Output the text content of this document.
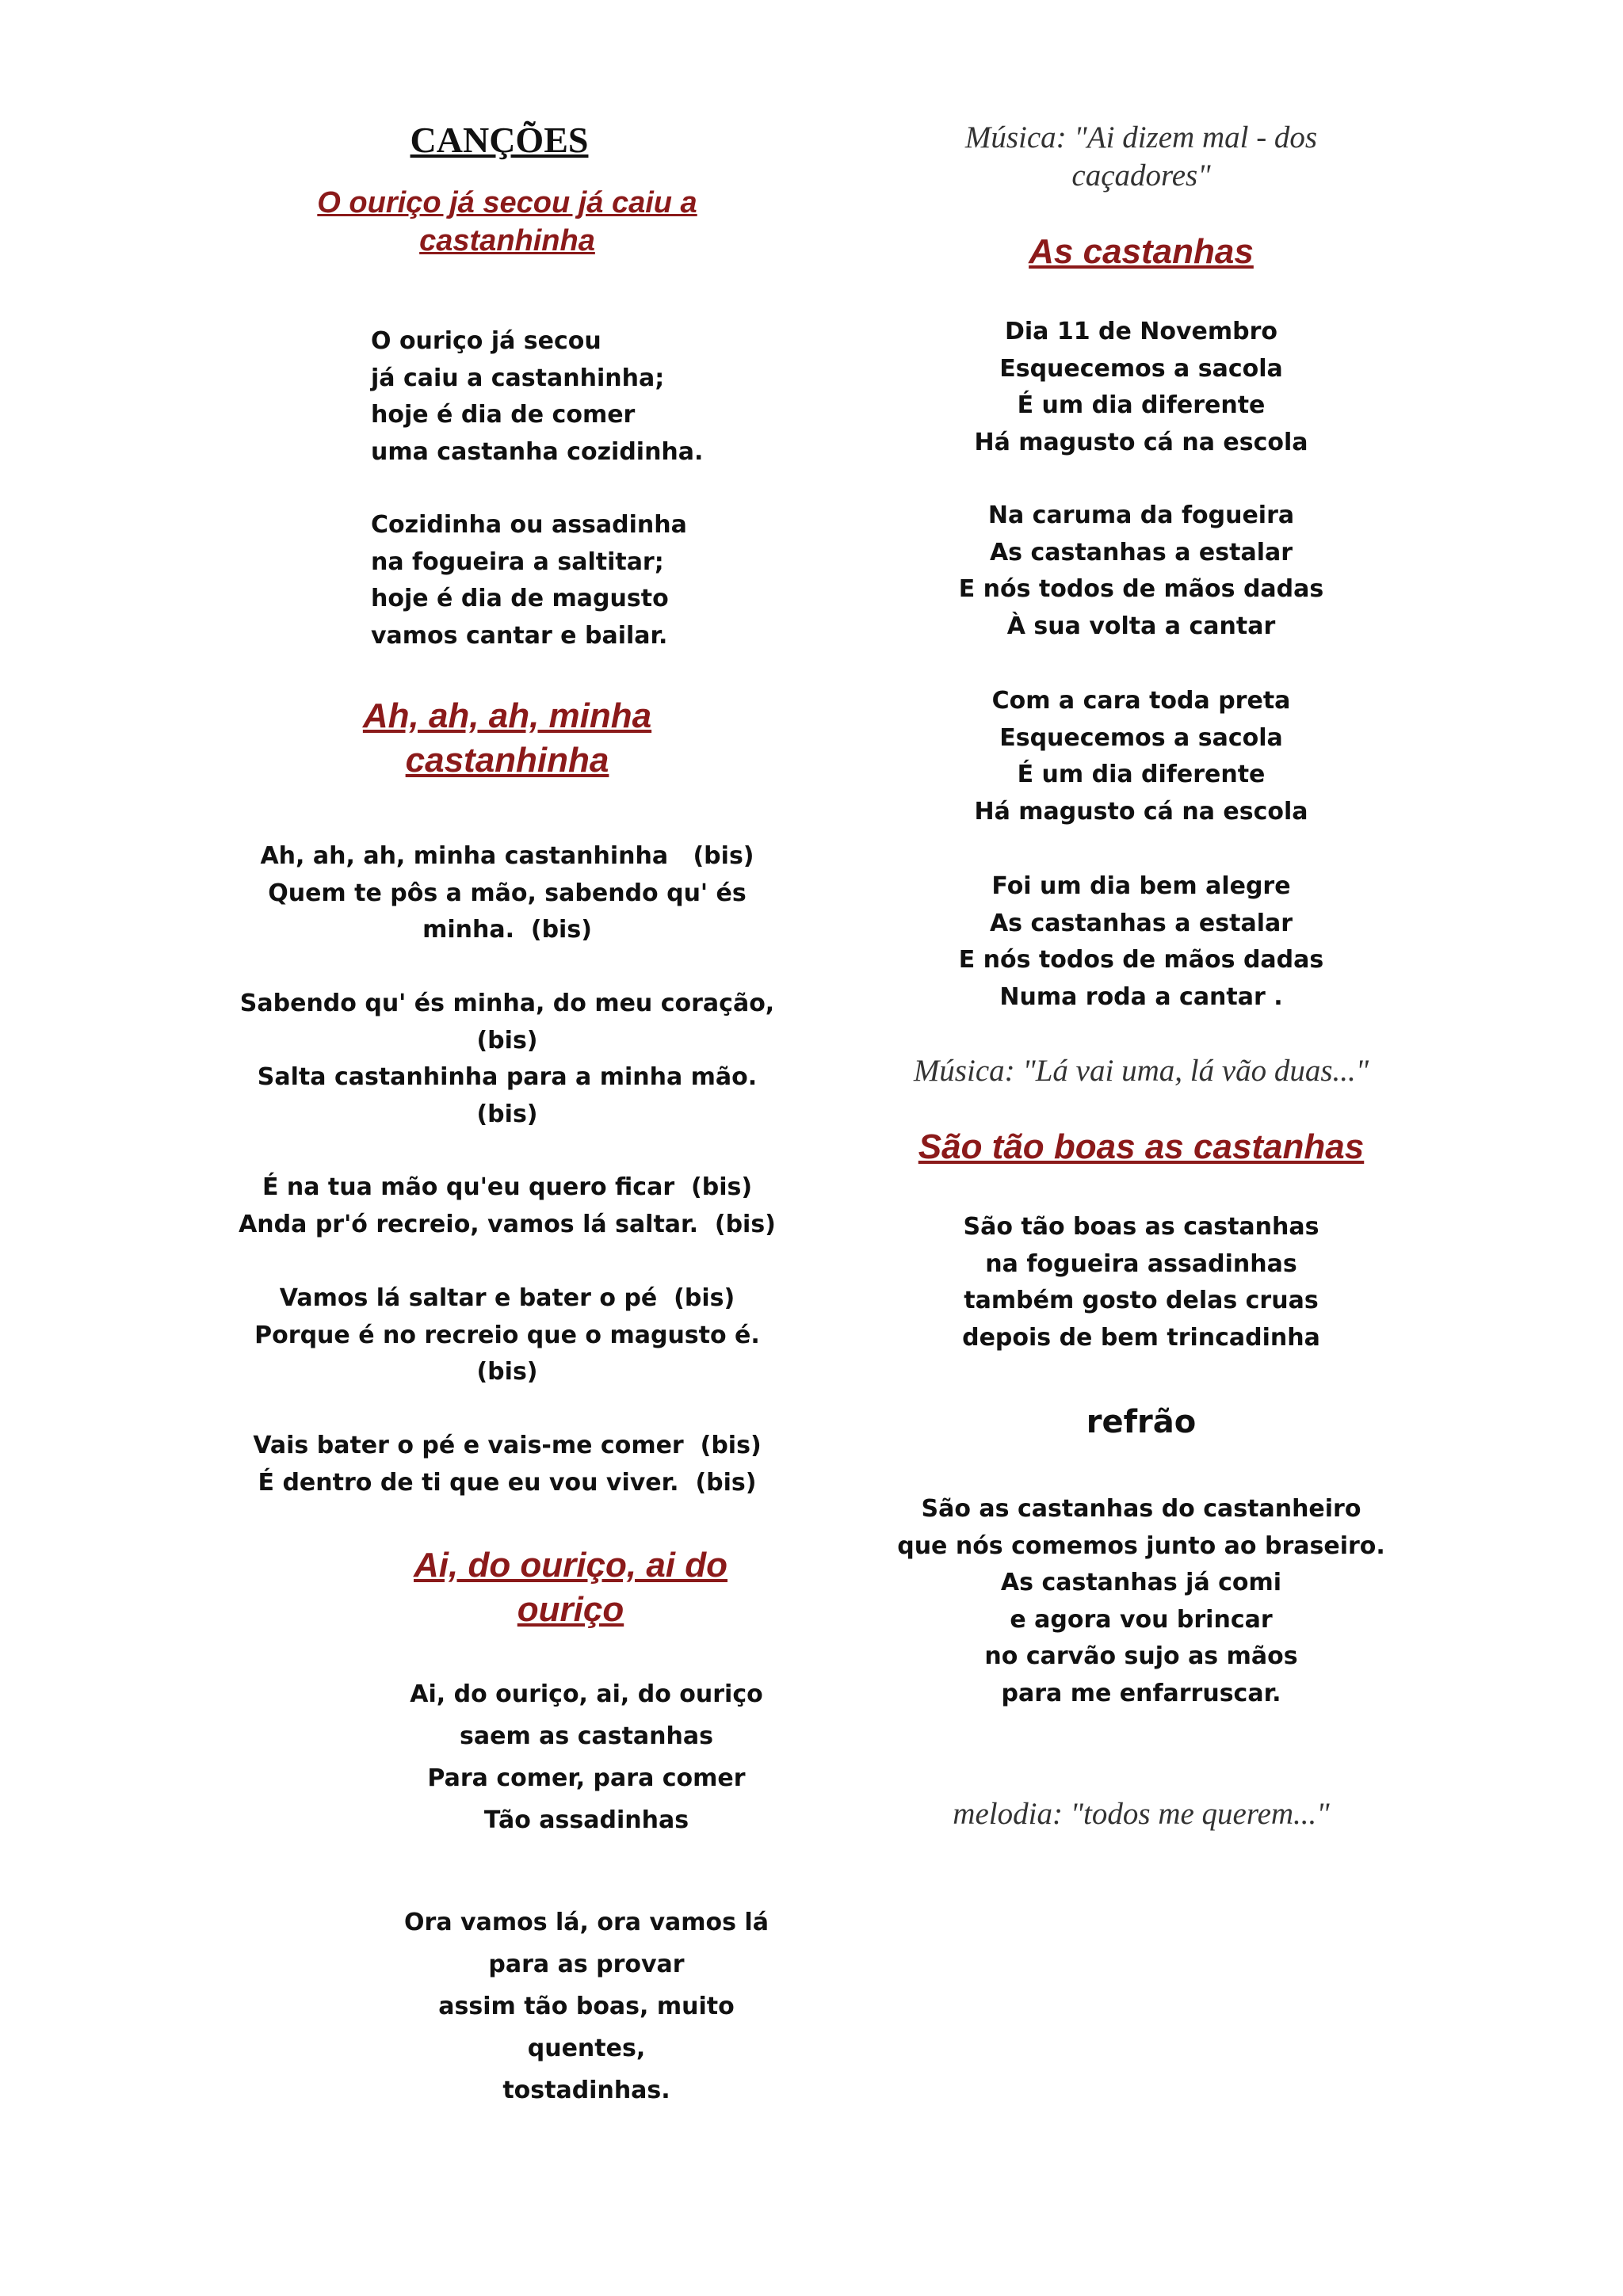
CANÇÕES
O ouriço já secou já caiu a
castanhinha
O ouriço já secou
já caiu a castanhinha;
hoje é dia de comer
uma castanha cozidinha.
Cozidinha ou assadinha
na fogueira a saltitar;
hoje é dia de magusto
vamos cantar e bailar.
Ah, ah, ah, minha
castanhinha
Ah, ah, ah, minha castanhinha   (bis)
Quem te pôs a mão, sabendo qu' és
minha.  (bis)
Sabendo qu' és minha, do meu coração,
(bis)
Salta castanhinha para a minha mão.
(bis)
É na tua mão qu'eu quero ficar  (bis)
Anda pr'ó recreio, vamos lá saltar.  (bis)
Vamos lá saltar e bater o pé  (bis)
Porque é no recreio que o magusto é.
(bis)
Vais bater o pé e vais-me comer  (bis)
É dentro de ti que eu vou viver.  (bis)
Ai, do ouriço, ai do
ouriço
Ai, do ouriço, ai, do ouriço
saem as castanhas
Para comer, para comer
Tão assadinhas
Ora vamos lá, ora vamos lá
para as provar
assim tão boas, muito
quentes,
tostadinhas.
Música: "Ai dizem mal - dos
caçadores"
As castanhas
Dia 11 de Novembro
Esquecemos a sacola
É um dia diferente
Há magusto cá na escola
Na caruma da fogueira
As castanhas a estalar
E nós todos de mãos dadas
À sua volta a cantar
Com a cara toda preta
Esquecemos a sacola
É um dia diferente
Há magusto cá na escola
Foi um dia bem alegre
As castanhas a estalar
E nós todos de mãos dadas
Numa roda a cantar .
Música: "Lá vai uma, lá vão duas..."
São tão boas as castanhas
São tão boas as castanhas
na fogueira assadinhas
também gosto delas cruas
depois de bem trincadinha
refrão
São as castanhas do castanheiro
que nós comemos junto ao braseiro.
As castanhas já comi
e agora vou brincar
no carvão sujo as mãos
para me enfarruscar.
melodia: "todos me querem..."
